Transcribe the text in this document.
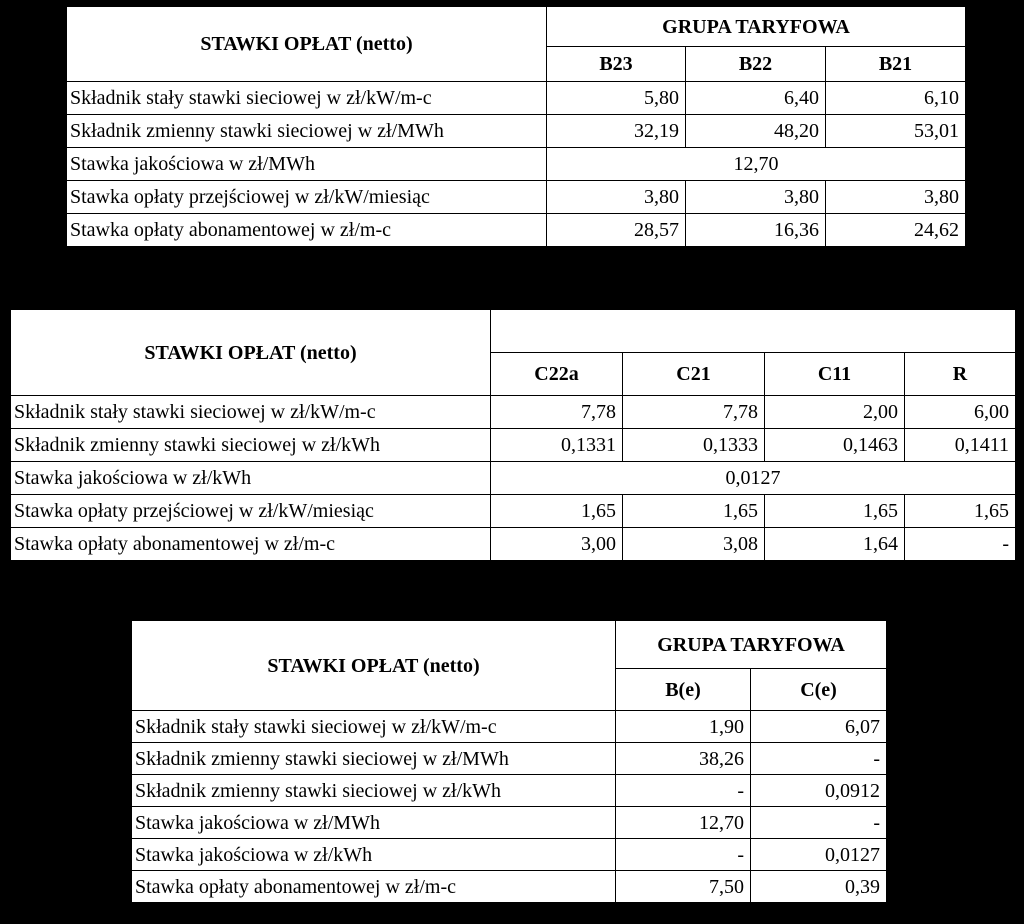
STAWKI OPŁAT (netto)	GRUPA TARYFOWA		
	B23	B22	B21
Składnik stały stawki sieciowej w zł/kW/m-c	5,80	6,40	6,10
Składnik zmienny stawki sieciowej w zł/MWh	32,19	48,20	53,01
Stawka jakościowa w zł/MWh	12,70		
Stawka opłaty przejściowej w zł/kW/miesiąc	3,80	3,80	3,80
Stawka opłaty abonamentowej w zł/m-c	28,57	16,36	24,62
STAWKI OPŁAT (netto)				
	C22a	C21	C11	R
Składnik stały stawki sieciowej w zł/kW/m-c	7,78	7,78	2,00	6,00
Składnik zmienny stawki sieciowej w zł/kWh	0,1331	0,1333	0,1463	0,1411
Stawka jakościowa w zł/kWh	0,0127			
Stawka opłaty przejściowej w zł/kW/miesiąc	1,65	1,65	1,65	1,65
Stawka opłaty abonamentowej w zł/m-c	3,00	3,08	1,64	-
STAWKI OPŁAT (netto)	GRUPA TARYFOWA	
	B(e)	C(e)
Składnik stały stawki sieciowej w zł/kW/m-c	1,90	6,07
Składnik zmienny stawki sieciowej w zł/MWh	38,26	-
Składnik zmienny stawki sieciowej w zł/kWh	-	0,0912
Stawka jakościowa w zł/MWh	12,70	-
Stawka jakościowa w zł/kWh	-	0,0127
Stawka opłaty abonamentowej w zł/m-c	7,50	0,39
